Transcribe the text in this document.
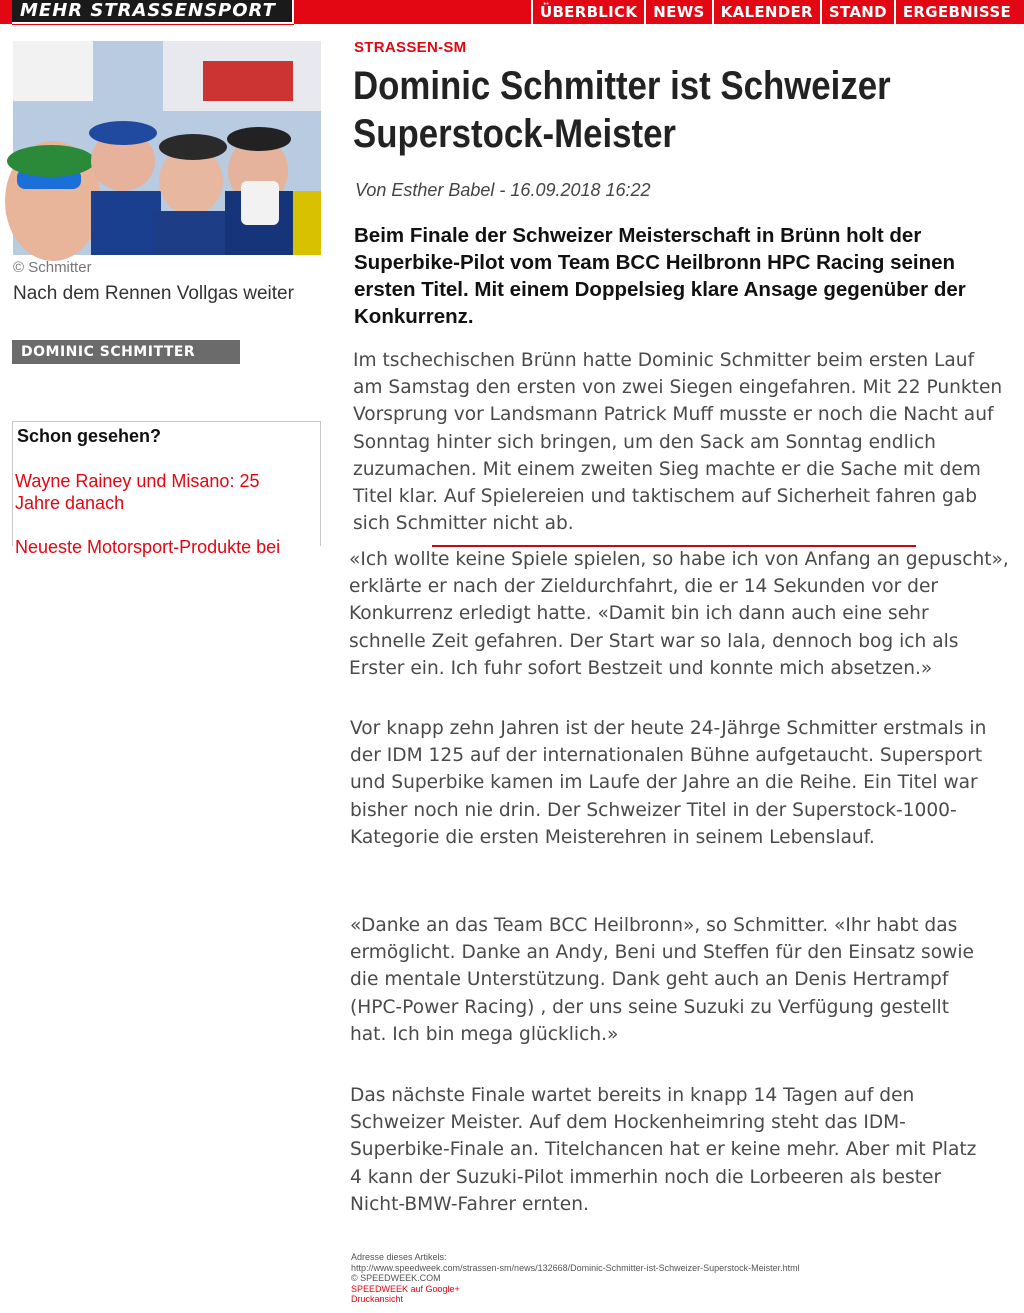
MEHR STRASSENSPORT	ÜBERBLICK	NEWS	KALENDER	STAND	ERGEBNISSE
© Schmitter
Nach dem Rennen Vollgas weiter
DOMINIC SCHMITTER
Schon gesehen?
Wayne Rainey und Misano: 25 Jahre danach
Neueste Motorsport-Produkte bei
STRASSEN-SM
Dominic Schmitter ist Schweizer
Superstock-Meister
Von Esther Babel - 16.09.2018 16:22
Beim Finale der Schweizer Meisterschaft in Brünn holt der Superbike-Pilot vom Team BCC Heilbronn HPC Racing seinen ersten Titel. Mit einem Doppelsieg klare Ansage gegenüber der Konkurrenz.
Im tschechischen Brünn hatte Dominic Schmitter beim ersten Lauf am Samstag den ersten von zwei Siegen eingefahren. Mit 22 Punkten Vorsprung vor Landsmann Patrick Muff musste er noch die Nacht auf Sonntag hinter sich bringen, um den Sack am Sonntag endlich zuzumachen. Mit einem zweiten Sieg machte er die Sache mit dem Titel klar. Auf Spielereien und taktischem auf Sicherheit fahren gab sich Schmitter nicht ab.
«Ich wollte keine Spiele spielen, so habe ich von Anfang an gepuscht», erklärte er nach der Zieldurchfahrt, die er 14 Sekunden vor der Konkurrenz erledigt hatte. «Damit bin ich dann auch eine sehr schnelle Zeit gefahren. Der Start war so lala, dennoch bog ich als Erster ein. Ich fuhr sofort Bestzeit und konnte mich absetzen.»
Vor knapp zehn Jahren ist der heute 24-Jährge Schmitter erstmals in der IDM 125 auf der internationalen Bühne aufgetaucht. Supersport und Superbike kamen im Laufe der Jahre an die Reihe. Ein Titel war bisher noch nie drin. Der Schweizer Titel in der Superstock-1000-Kategorie die ersten Meisterehren in seinem Lebenslauf.
«Danke an das Team BCC Heilbronn», so Schmitter. «Ihr habt das ermöglicht. Danke an Andy, Beni und Steffen für den Einsatz sowie die mentale Unterstützung. Dank geht auch an Denis Hertrampf (HPC-Power Racing) , der uns seine Suzuki zu Verfügung gestellt hat. Ich bin mega glücklich.»
Das nächste Finale wartet bereits in knapp 14 Tagen auf den Schweizer Meister. Auf dem Hockenheimring steht das IDM-Superbike-Finale an. Titelchancen hat er keine mehr. Aber mit Platz 4 kann der Suzuki-Pilot immerhin noch die Lorbeeren als bester Nicht-BMW-Fahrer ernten.
Adresse dieses Artikels:
http://www.speedweek.com/strassen-sm/news/132668/Dominic-Schmitter-ist-Schweizer-Superstock-Meister.html
© SPEEDWEEK.COM
SPEEDWEEK auf Google+
Druckansicht
